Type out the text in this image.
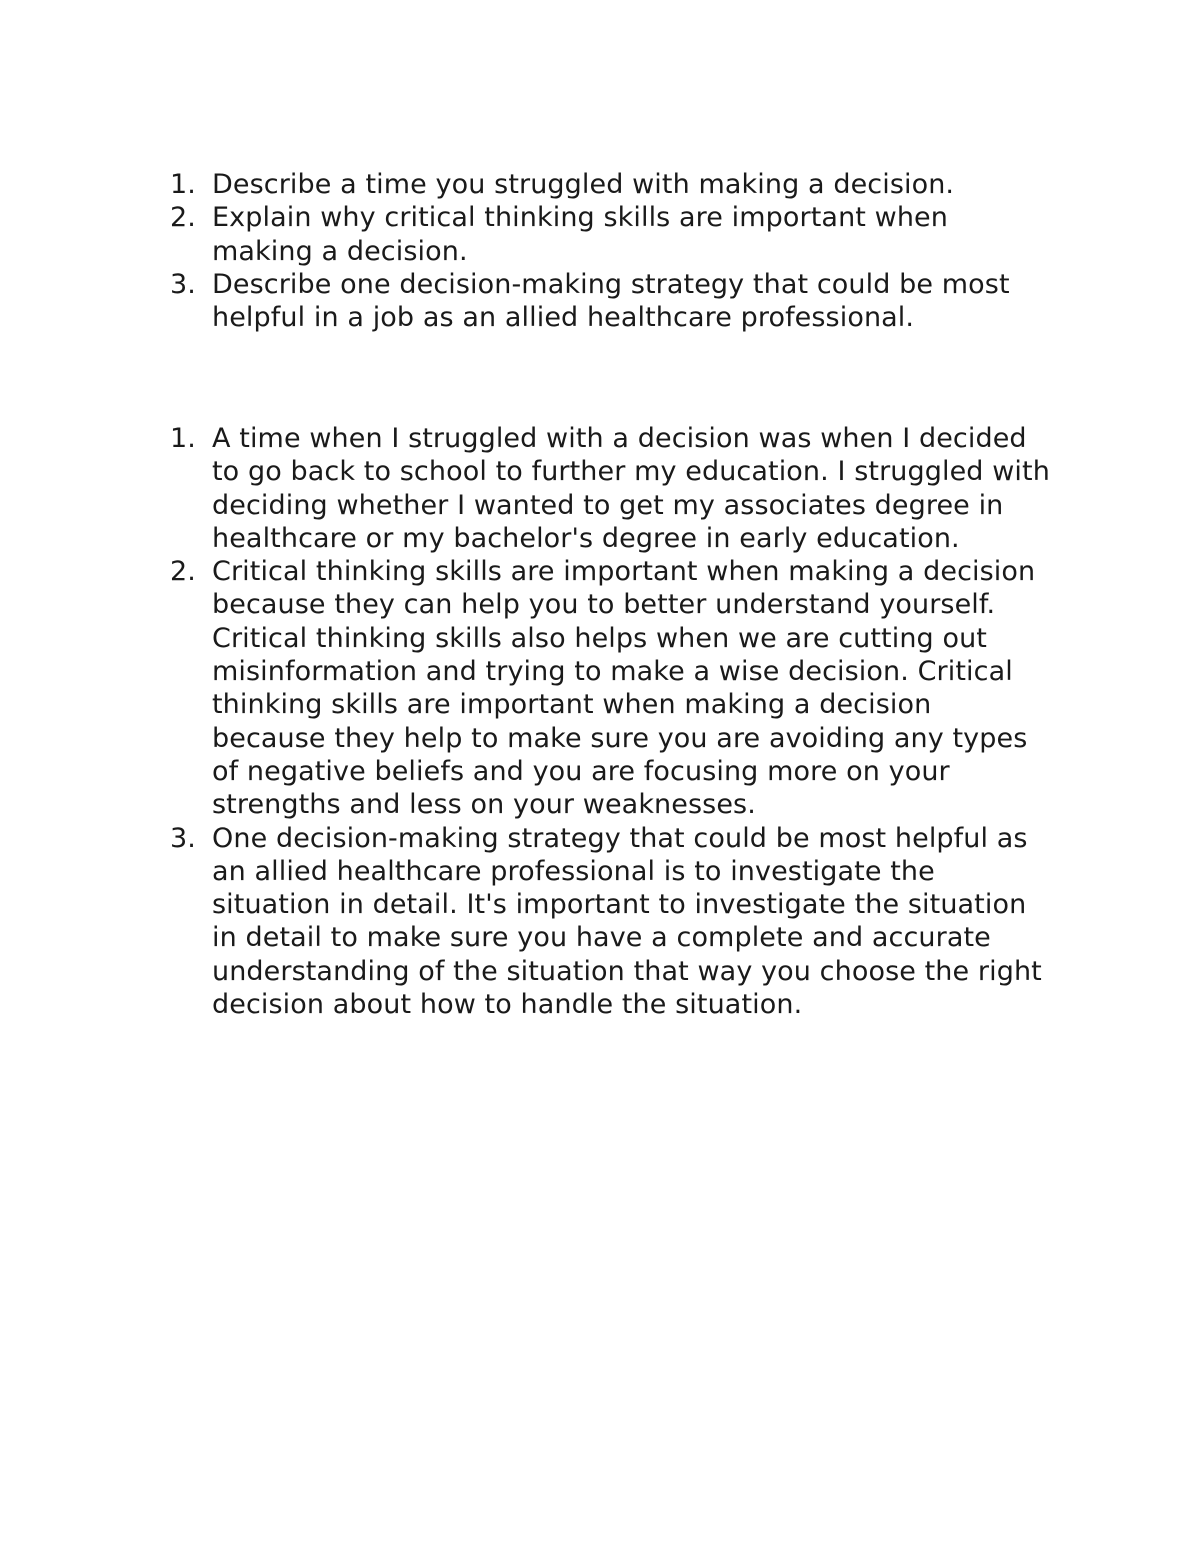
1. Describe a time you struggled with making a decision.
2. Explain why critical thinking skills are important when making a decision.
3. Describe one decision-making strategy that could be most helpful in a job as an allied healthcare professional.
1. A time when I struggled with a decision was when I decided to go back to school to further my education. I struggled with deciding whether I wanted to get my associates degree in healthcare or my bachelor's degree in early education.
2. Critical thinking skills are important when making a decision because they can help you to better understand yourself. Critical thinking skills also helps when we are cutting out misinformation and trying to make a wise decision. Critical thinking skills are important when making a decision because they help to make sure you are avoiding any types of negative beliefs and you are focusing more on your strengths and less on your weaknesses.
3. One decision-making strategy that could be most helpful as an allied healthcare professional is to investigate the situation in detail. It's important to investigate the situation in detail to make sure you have a complete and accurate understanding of the situation that way you choose the right decision about how to handle the situation.
